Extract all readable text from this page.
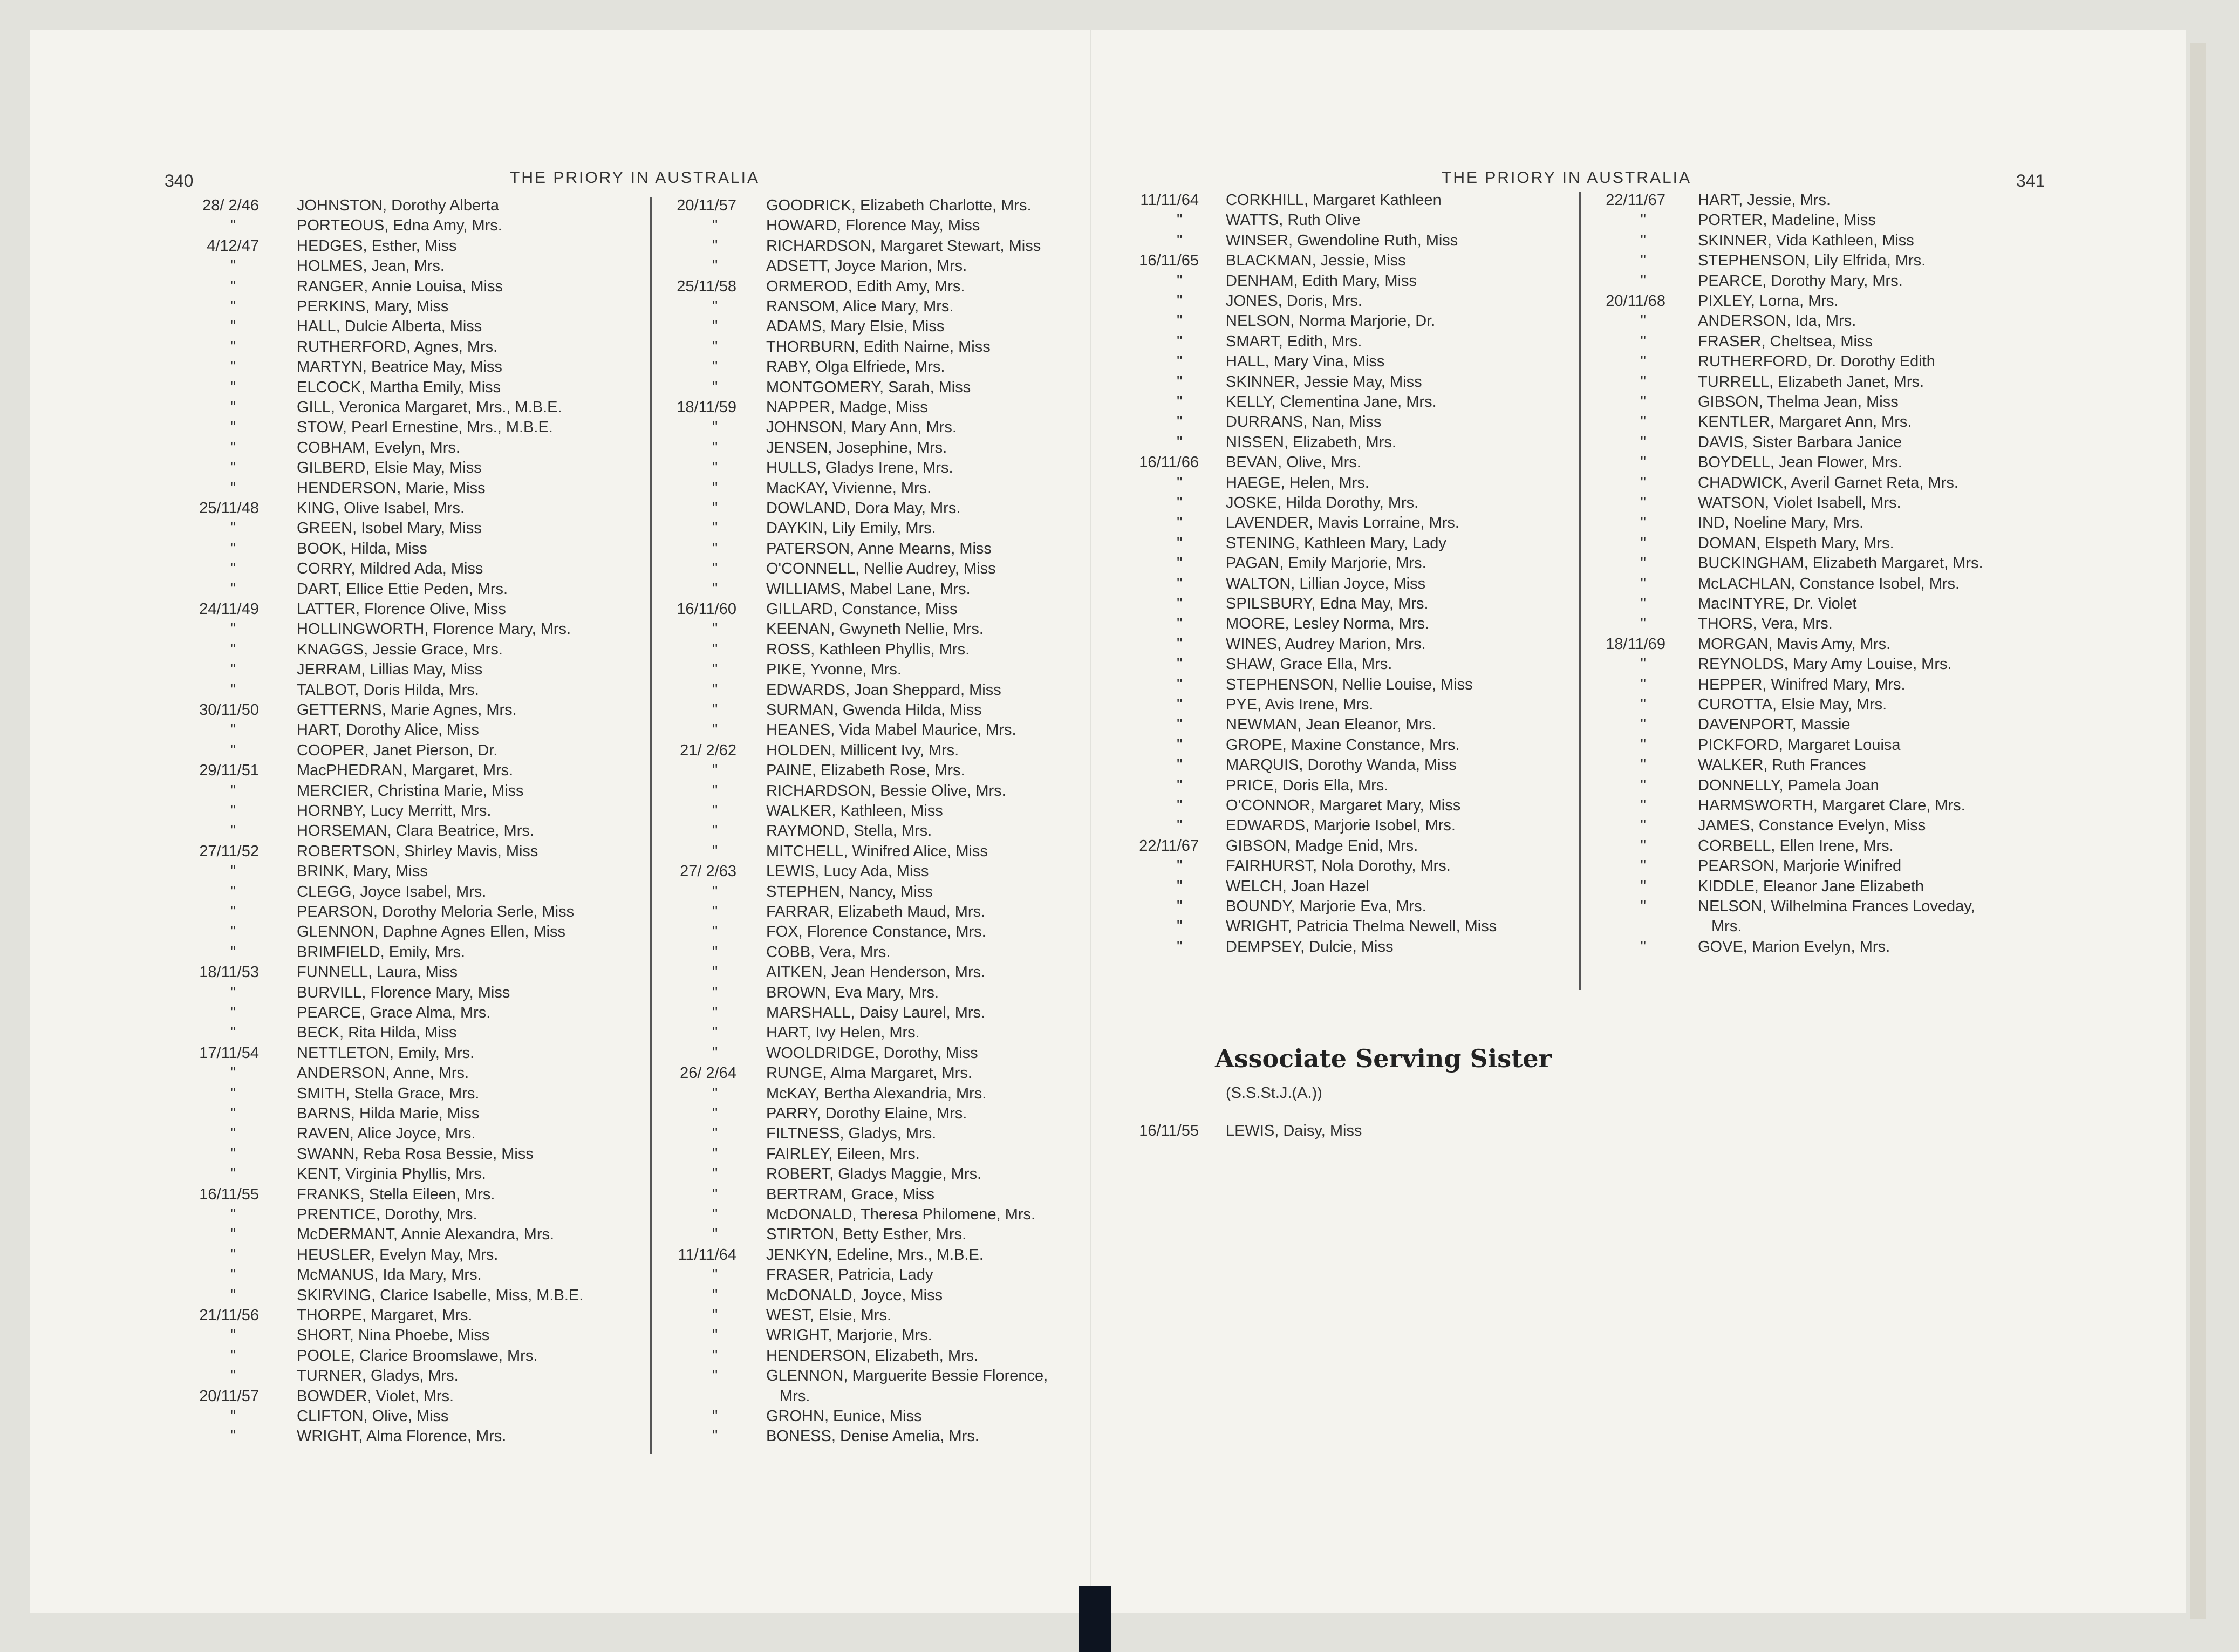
340	THE PRIORY IN AUSTRALIA
28/ 2/46 JOHNSTON, Dorothy Alberta
"	PORTEOUS, Edna Amy, Mrs.
4/12/47 HEDGES, Esther, Miss
"	HOLMES, Jean, Mrs.
"	RANGER, Annie Louisa, Miss
"	PERKINS, Mary, Miss
"	HALL, Dulcie Alberta, Miss
"	RUTHERFORD, Agnes, Mrs.
"	MARTYN, Beatrice May, Miss
"	ELCOCK, Martha Emily, Miss
"	GILL, Veronica Margaret, Mrs., M.B.E.
"	STOW, Pearl Ernestine, Mrs., M.B.E.
"	COBHAM, Evelyn, Mrs.
"	GILBERD, Elsie May, Miss
"	HENDERSON, Marie, Miss
25/11/48 KING, Olive Isabel, Mrs.
"	GREEN, Isobel Mary, Miss
"	BOOK, Hilda, Miss
"	CORRY, Mildred Ada, Miss
"	DART, Ellice Ettie Peden, Mrs.
24/11/49 LATTER, Florence Olive, Miss
"	HOLLINGWORTH, Florence Mary, Mrs.
"	KNAGGS, Jessie Grace, Mrs.
"	JERRAM, Lillias May, Miss
"	TALBOT, Doris Hilda, Mrs.
30/11/50 GETTERNS, Marie Agnes, Mrs.
"	HART, Dorothy Alice, Miss
"	COOPER, Janet Pierson, Dr.
29/11/51 MacPHEDRAN, Margaret, Mrs.
"	MERCIER, Christina Marie, Miss
"	HORNBY, Lucy Merritt, Mrs.
"	HORSEMAN, Clara Beatrice, Mrs.
27/11/52 ROBERTSON, Shirley Mavis, Miss
"	BRINK, Mary, Miss
"	CLEGG, Joyce Isabel, Mrs.
"	PEARSON, Dorothy Meloria Serle, Miss
"	GLENNON, Daphne Agnes Ellen, Miss
"	BRIMFIELD, Emily, Mrs.
18/11/53 FUNNELL, Laura, Miss
"	BURVILL, Florence Mary, Miss
"	PEARCE, Grace Alma, Mrs.
"	BECK, Rita Hilda, Miss
17/11/54 NETTLETON, Emily, Mrs.
"	ANDERSON, Anne, Mrs.
"	SMITH, Stella Grace, Mrs.
"	BARNS, Hilda Marie, Miss
"	RAVEN, Alice Joyce, Mrs.
"	SWANN, Reba Rosa Bessie, Miss
"	KENT, Virginia Phyllis, Mrs.
16/11/55 FRANKS, Stella Eileen, Mrs.
"	PRENTICE, Dorothy, Mrs.
"	McDERMANT, Annie Alexandra, Mrs.
"	HEUSLER, Evelyn May, Mrs.
"	McMANUS, Ida Mary, Mrs.
"	SKIRVING, Clarice Isabelle, Miss, M.B.E.
21/11/56 THORPE, Margaret, Mrs.
"	SHORT, Nina Phoebe, Miss
"	POOLE, Clarice Broomslawe, Mrs.
"	TURNER, Gladys, Mrs.
20/11/57 BOWDER, Violet, Mrs.
"	CLIFTON, Olive, Miss
"	WRIGHT, Alma Florence, Mrs.
20/11/57 GOODRICK, Elizabeth Charlotte, Mrs.
"	HOWARD, Florence May, Miss
"	RICHARDSON, Margaret Stewart, Miss
"	ADSETT, Joyce Marion, Mrs.
25/11/58 ORMEROD, Edith Amy, Mrs.
"	RANSOM, Alice Mary, Mrs.
"	ADAMS, Mary Elsie, Miss
"	THORBURN, Edith Nairne, Miss
"	RABY, Olga Elfriede, Mrs.
"	MONTGOMERY, Sarah, Miss
18/11/59 NAPPER, Madge, Miss
"	JOHNSON, Mary Ann, Mrs.
"	JENSEN, Josephine, Mrs.
"	HULLS, Gladys Irene, Mrs.
"	MacKAY, Vivienne, Mrs.
"	DOWLAND, Dora May, Mrs.
"	DAYKIN, Lily Emily, Mrs.
"	PATERSON, Anne Mearns, Miss
"	O'CONNELL, Nellie Audrey, Miss
"	WILLIAMS, Mabel Lane, Mrs.
16/11/60 GILLARD, Constance, Miss
"	KEENAN, Gwyneth Nellie, Mrs.
"	ROSS, Kathleen Phyllis, Mrs.
"	PIKE, Yvonne, Mrs.
"	EDWARDS, Joan Sheppard, Miss
"	SURMAN, Gwenda Hilda, Miss
"	HEANES, Vida Mabel Maurice, Mrs.
21/ 2/62 HOLDEN, Millicent Ivy, Mrs.
"	PAINE, Elizabeth Rose, Mrs.
"	RICHARDSON, Bessie Olive, Mrs.
"	WALKER, Kathleen, Miss
"	RAYMOND, Stella, Mrs.
"	MITCHELL, Winifred Alice, Miss
27/ 2/63 LEWIS, Lucy Ada, Miss
"	STEPHEN, Nancy, Miss
"	FARRAR, Elizabeth Maud, Mrs.
"	FOX, Florence Constance, Mrs.
"	COBB, Vera, Mrs.
"	AITKEN, Jean Henderson, Mrs.
"	BROWN, Eva Mary, Mrs.
"	MARSHALL, Daisy Laurel, Mrs.
"	HART, Ivy Helen, Mrs.
"	WOOLDRIDGE, Dorothy, Miss
26/ 2/64 RUNGE, Alma Margaret, Mrs.
"	McKAY, Bertha Alexandria, Mrs.
"	PARRY, Dorothy Elaine, Mrs.
"	FILTNESS, Gladys, Mrs.
"	FAIRLEY, Eileen, Mrs.
"	ROBERT, Gladys Maggie, Mrs.
"	BERTRAM, Grace, Miss
"	McDONALD, Theresa Philomene, Mrs.
"	STIRTON, Betty Esther, Mrs.
11/11/64 JENKYN, Edeline, Mrs., M.B.E.
"	FRASER, Patricia, Lady
"	McDONALD, Joyce, Miss
"	WEST, Elsie, Mrs.
"	WRIGHT, Marjorie, Mrs.
"	HENDERSON, Elizabeth, Mrs.
"	GLENNON, Marguerite Bessie Florence,
Mrs.
"	GROHN, Eunice, Miss
"	BONESS, Denise Amelia, Mrs.
THE PRIORY IN AUSTRALIA	341
11/11/64 CORKHILL, Margaret Kathleen
"	WATTS, Ruth Olive
"	WINSER, Gwendoline Ruth, Miss
16/11/65 BLACKMAN, Jessie, Miss
"	DENHAM, Edith Mary, Miss
"	JONES, Doris, Mrs.
"	NELSON, Norma Marjorie, Dr.
"	SMART, Edith, Mrs.
"	HALL, Mary Vina, Miss
"	SKINNER, Jessie May, Miss
"	KELLY, Clementina Jane, Mrs.
"	DURRANS, Nan, Miss
"	NISSEN, Elizabeth, Mrs.
16/11/66 BEVAN, Olive, Mrs.
"	HAEGE, Helen, Mrs.
"	JOSKE, Hilda Dorothy, Mrs.
"	LAVENDER, Mavis Lorraine, Mrs.
"	STENING, Kathleen Mary, Lady
"	PAGAN, Emily Marjorie, Mrs.
"	WALTON, Lillian Joyce, Miss
"	SPILSBURY, Edna May, Mrs.
"	MOORE, Lesley Norma, Mrs.
"	WINES, Audrey Marion, Mrs.
"	SHAW, Grace Ella, Mrs.
"	STEPHENSON, Nellie Louise, Miss
"	PYE, Avis Irene, Mrs.
"	NEWMAN, Jean Eleanor, Mrs.
"	GROPE, Maxine Constance, Mrs.
"	MARQUIS, Dorothy Wanda, Miss
"	PRICE, Doris Ella, Mrs.
"	O'CONNOR, Margaret Mary, Miss
"	EDWARDS, Marjorie Isobel, Mrs.
22/11/67 GIBSON, Madge Enid, Mrs.
"	FAIRHURST, Nola Dorothy, Mrs.
"	WELCH, Joan Hazel
"	BOUNDY, Marjorie Eva, Mrs.
"	WRIGHT, Patricia Thelma Newell, Miss
"	DEMPSEY, Dulcie, Miss
22/11/67 HART, Jessie, Mrs.
"	PORTER, Madeline, Miss
"	SKINNER, Vida Kathleen, Miss
"	STEPHENSON, Lily Elfrida, Mrs.
"	PEARCE, Dorothy Mary, Mrs.
20/11/68 PIXLEY, Lorna, Mrs.
"	ANDERSON, Ida, Mrs.
"	FRASER, Cheltsea, Miss
"	RUTHERFORD, Dr. Dorothy Edith
"	TURRELL, Elizabeth Janet, Mrs.
"	GIBSON, Thelma Jean, Miss
"	KENTLER, Margaret Ann, Mrs.
"	DAVIS, Sister Barbara Janice
"	BOYDELL, Jean Flower, Mrs.
"	CHADWICK, Averil Garnet Reta, Mrs.
"	WATSON, Violet Isabell, Mrs.
"	IND, Noeline Mary, Mrs.
"	DOMAN, Elspeth Mary, Mrs.
"	BUCKINGHAM, Elizabeth Margaret, Mrs.
"	McLACHLAN, Constance Isobel, Mrs.
"	MacINTYRE, Dr. Violet
"	THORS, Vera, Mrs.
18/11/69 MORGAN, Mavis Amy, Mrs.
"	REYNOLDS, Mary Amy Louise, Mrs.
"	HEPPER, Winifred Mary, Mrs.
"	CUROTTA, Elsie May, Mrs.
"	DAVENPORT, Massie
"	PICKFORD, Margaret Louisa
"	WALKER, Ruth Frances
"	DONNELLY, Pamela Joan
"	HARMSWORTH, Margaret Clare, Mrs.
"	JAMES, Constance Evelyn, Miss
"	CORBELL, Ellen Irene, Mrs.
"	PEARSON, Marjorie Winifred
"	KIDDLE, Eleanor Jane Elizabeth
"	NELSON, Wilhelmina Frances Loveday,
Mrs.
"	GOVE, Marion Evelyn, Mrs.
Associate Serving Sister
(S.S.St.J.(A.))
16/11/55 LEWIS, Daisy, Miss
